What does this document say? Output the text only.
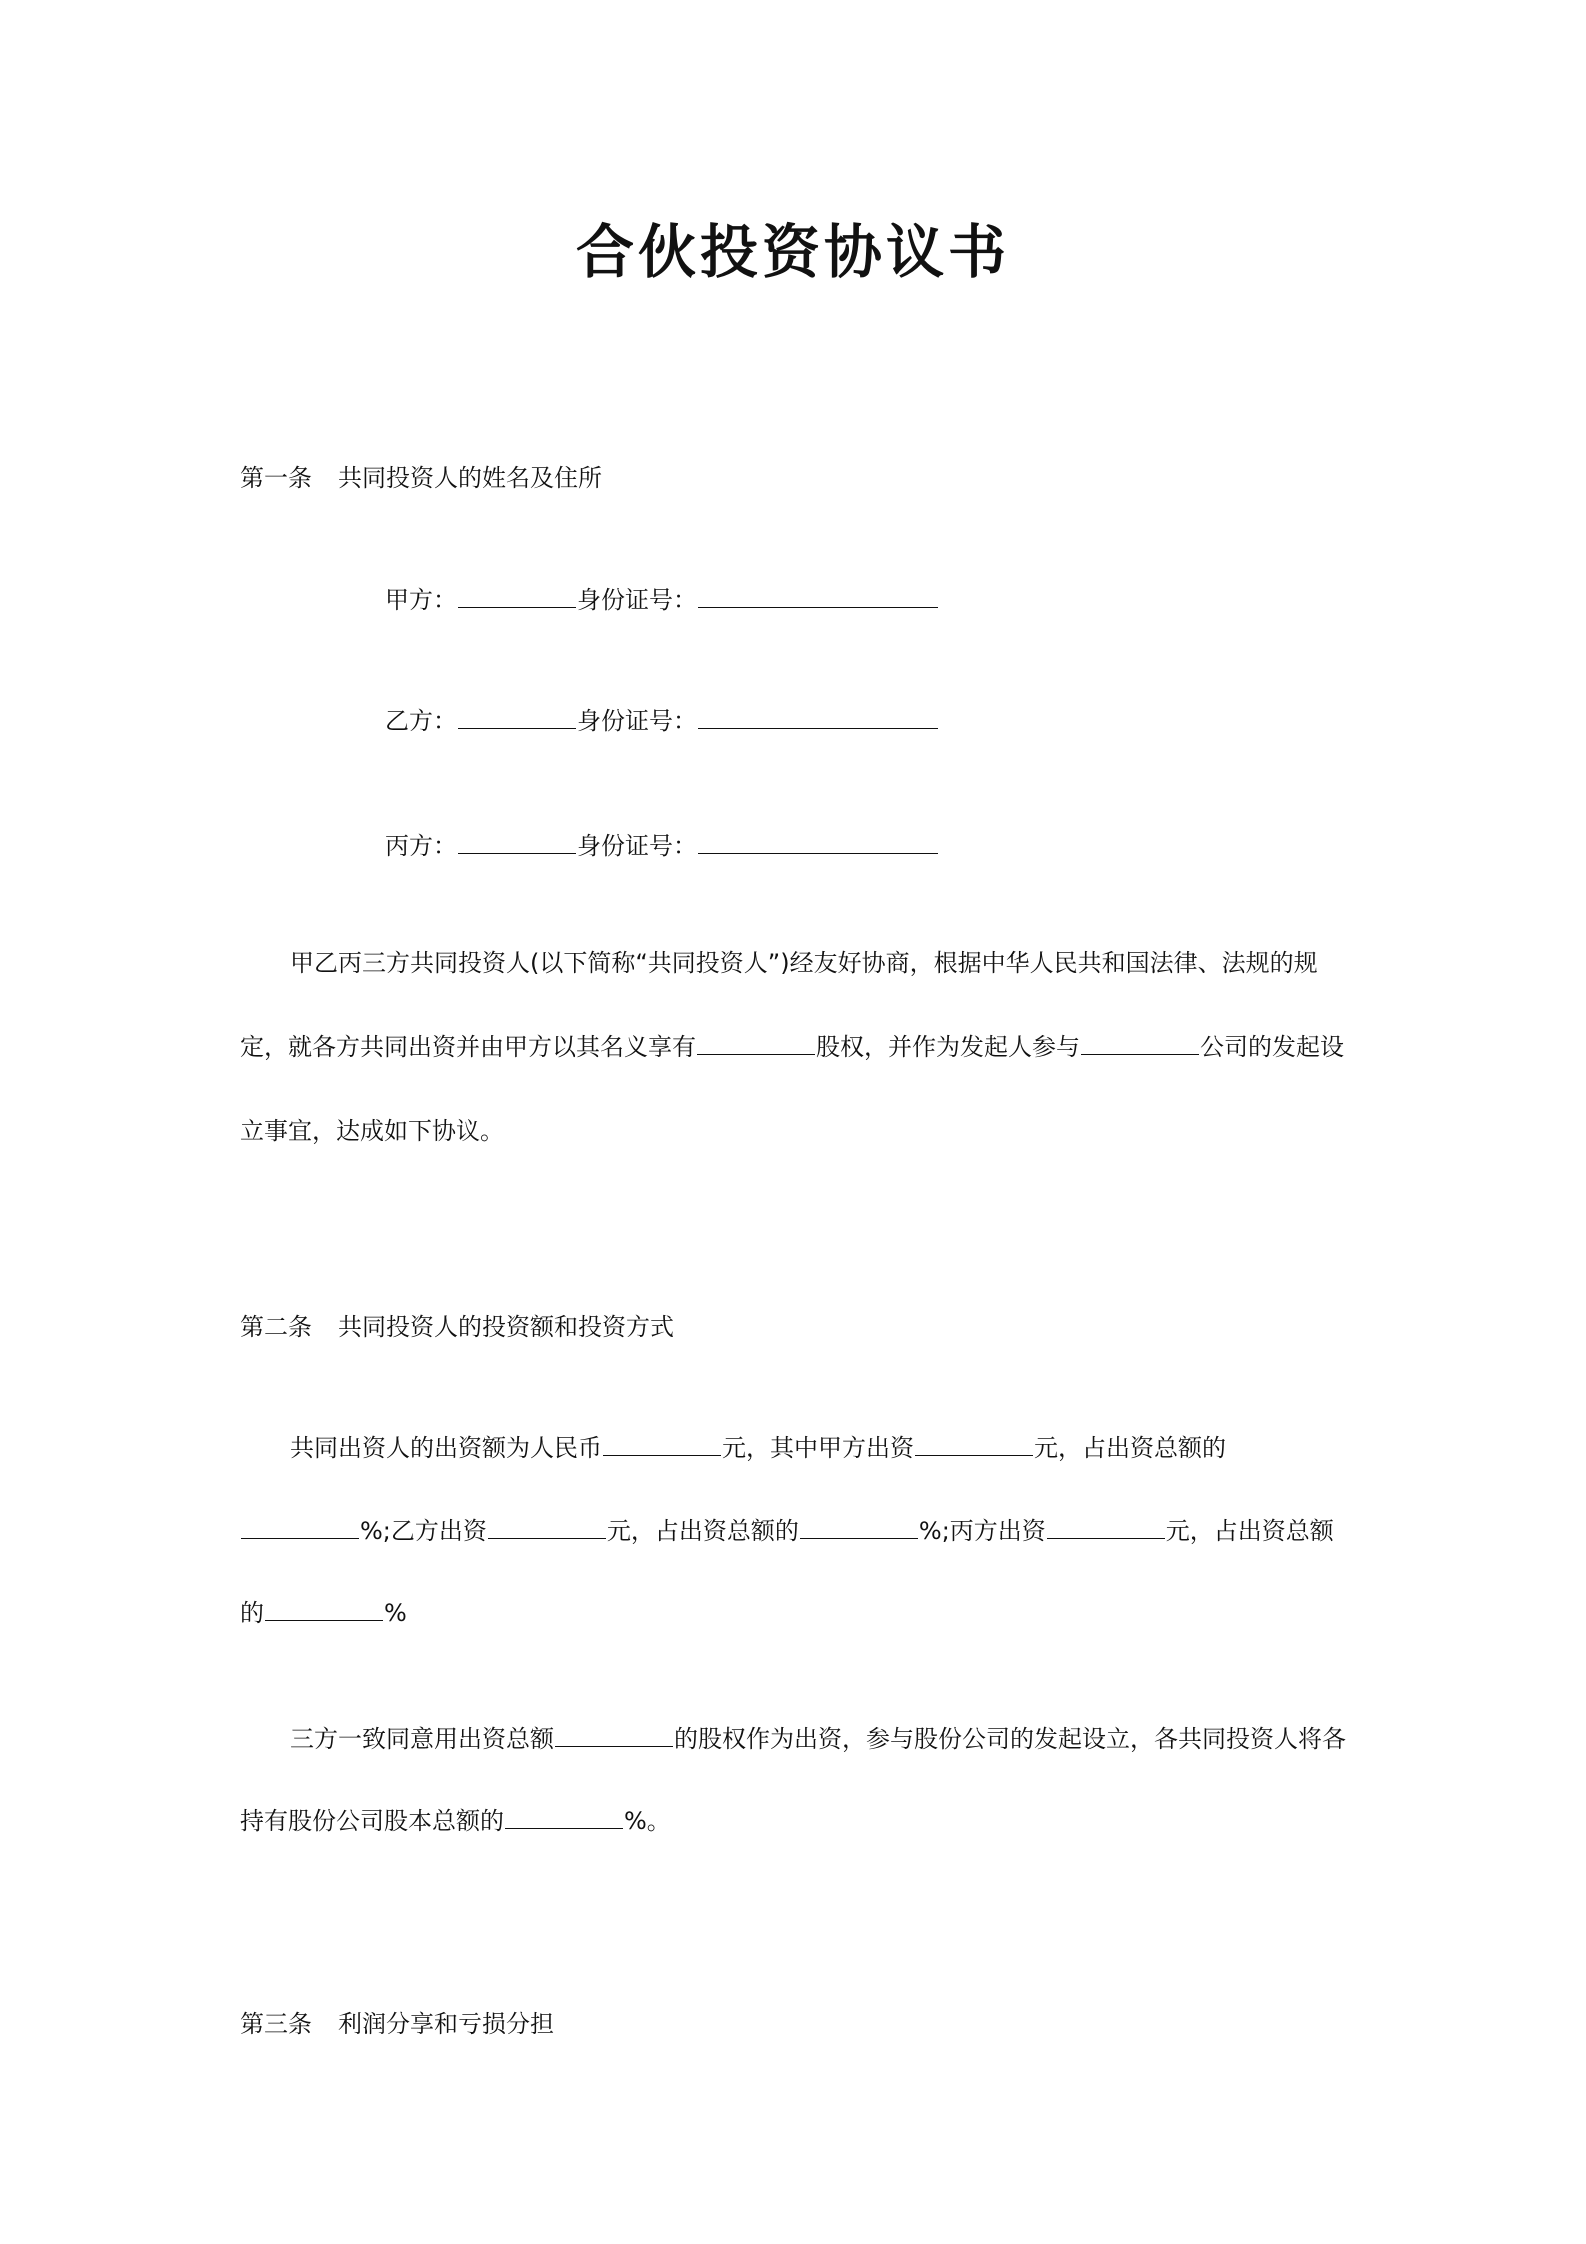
合伙投资协议书
第一条 共同投资人的姓名及住所
甲方：	身份证号：
乙方：	身份证号：
丙方：	身份证号：
甲乙丙三方共同投资人(以下简称“共同投资人”)经友好协商，根据中华人民共和国法律、法规的规
定，就各方共同出资并由甲方以其名义享有	股权，并作为发起人参与	公司的发起设
立事宜，达成如下协议。
第二条 共同投资人的投资额和投资方式
共同出资人的出资额为人民币	元，其中甲方出资	元，占出资总额的
%;乙方出资	元，占出资总额的	%;丙方出资	元，占出资总额
的	%
三方一致同意用出资总额	的股权作为出资，参与股份公司的发起设立，各共同投资人将各
持有股份公司股本总额的	%。
第三条 利润分享和亏损分担
